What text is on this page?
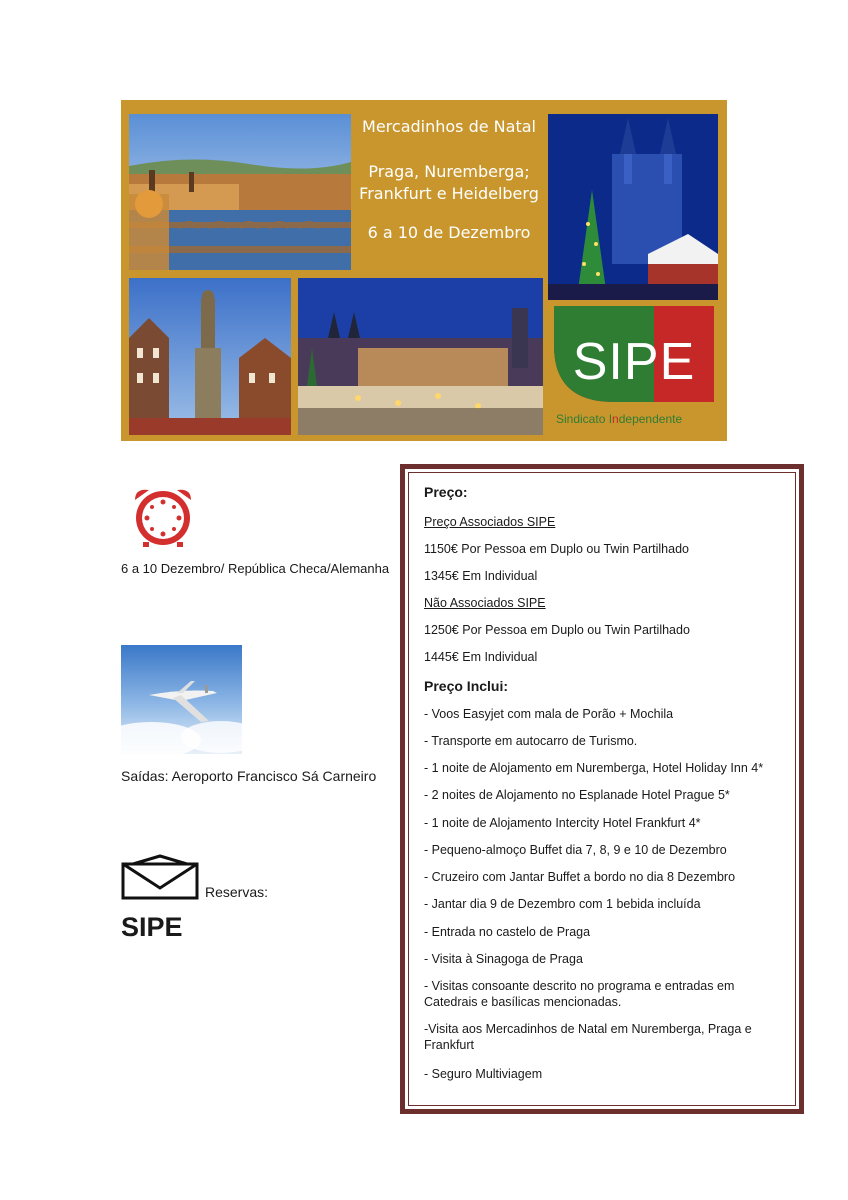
Mercadinhos de Natal
Praga, Nuremberga;
Frankfurt e Heidelberg
6 a 10 de Dezembro
SIPE
Sindicato Independente
6 a 10 Dezembro/ República Checa/Alemanha
Saídas: Aeroporto Francisco Sá Carneiro
Reservas:
SIPE
Preço:
Preço Associados SIPE
1150€ Por Pessoa em Duplo ou Twin Partilhado
1345€ Em Individual
Não Associados SIPE
1250€ Por Pessoa em Duplo ou Twin Partilhado
1445€ Em Individual
Preço Inclui:
- Voos Easyjet com mala de Porão + Mochila
- Transporte em autocarro de Turismo.
- 1 noite de Alojamento em Nuremberga, Hotel Holiday Inn 4*
- 2 noites de Alojamento no Esplanade Hotel Prague 5*
- 1 noite de Alojamento Intercity Hotel Frankfurt 4*
- Pequeno-almoço Buffet dia 7, 8, 9 e 10 de Dezembro
- Cruzeiro com Jantar Buffet a bordo no dia 8 Dezembro
- Jantar dia 9 de Dezembro com 1 bebida incluída
- Entrada no castelo de Praga
- Visita à Sinagoga de Praga
- Visitas consoante descrito no programa e entradas em
Catedrais e basílicas mencionadas.
-Visita aos Mercadinhos de Natal em Nuremberga, Praga e
Frankfurt
- Seguro Multiviagem
